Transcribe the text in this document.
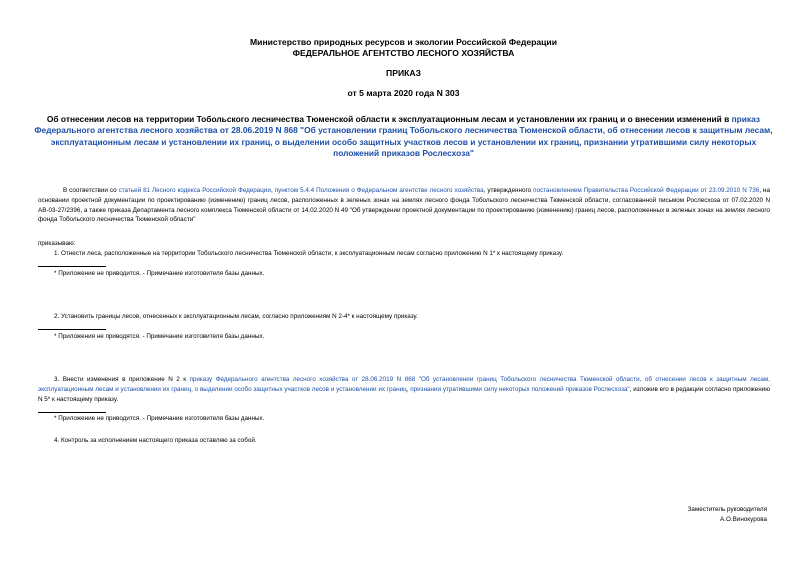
Министерство природных ресурсов и экологии Российской Федерации
ФЕДЕРАЛЬНОЕ АГЕНТСТВО ЛЕСНОГО ХОЗЯЙСТВА
ПРИКАЗ
от 5 марта 2020 года N 303
Об отнесении лесов на территории Тобольского лесничества Тюменской области к эксплуатационным лесам и установлении их границ и о внесении изменений в приказ Федерального агентства лесного хозяйства от 28.06.2019 N 868 "Об установлении границ Тобольского лесничества Тюменской области, об отнесении лесов к защитным лесам, эксплуатационным лесам и установлении их границ, о выделении особо защитных участков лесов и установлении их границ, признании утратившими силу некоторых положений приказов Рослесхоза"
В соответствии со статьей 81 Лесного кодекса Российской Федерации, пунктом 5.4.4 Положения о Федеральном агентстве лесного хозяйства, утвержденного постановлением Правительства Российской Федерации от 23.09.2010 N 736, на основании проектной документации по проектированию (изменению) границ лесов, расположенных в зеленых зонах на землях лесного фонда Тобольского лесничества Тюменской области, согласованной письмом Рослесхоза от 07.02.2020 N АВ-03-27/2396, а также приказа Департамента лесного комплекса Тюменской области от 14.02.2020 N 49 "Об утверждении проектной документации по проектированию (изменению) границ лесов, расположенных в зеленых зонах на землях лесного фонда Тобольского лесничества Тюменской области"
приказываю:
1. Отнести леса, расположенные на территории Тобольского лесничества Тюменской области, к эксплуатационным лесам согласно приложению N 1* к настоящему приказу.
* Приложение не приводится. - Примечание изготовителя базы данных.
2. Установить границы лесов, отнесенных к эксплуатационным лесам, согласно приложениям N 2-4* к настоящему приказу.
* Приложения не приводятся. - Примечание изготовителя базы данных.
3. Внести изменения в приложение N 2 к приказу Федерального агентства лесного хозяйства от 28.06.2019 N 868 "Об установлении границ Тобольского лесничества Тюменской области, об отнесении лесов к защитным лесам, эксплуатационным лесам и установлении их границ, о выделении особо защитных участков лесов и установлении их границ, признании утратившими силу некоторых положений приказов Рослесхоза", изложив его в редакции согласно приложению N 5* к настоящему приказу.
* Приложение не приводится. - Примечание изготовителя базы данных.
4. Контроль за исполнением настоящего приказа оставляю за собой.
Заместитель руководителя
А.О.Винокурова
